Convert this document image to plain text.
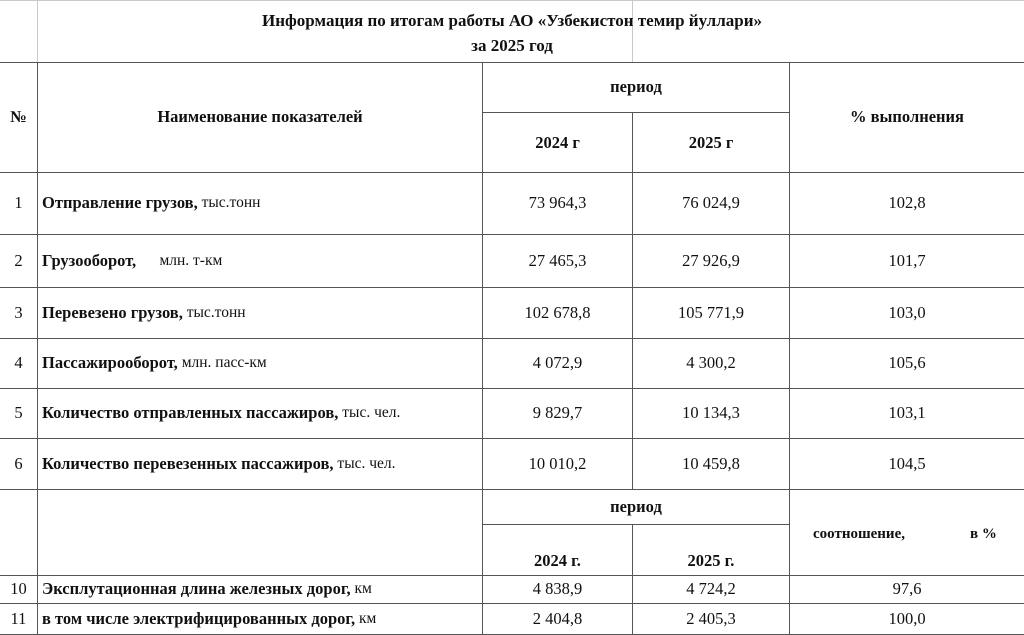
Информация по итогам работы АО «Узбекистон темир йуллари»
за 2025 год
№	Наименование показателей
период
2024 г	2025 г
% выполнения
1	Отправление грузов, тыс.тонн	73 964,3	76 024,9	102,8
2	Грузооборот, млн. т-км	27 465,3	27 926,9	101,7
3	Перевезено грузов, тыс.тонн	102 678,8	105 771,9	103,0
4	Пассажирооборот, млн. пасс-км	4 072,9	4 300,2	105,6
5	Количество отправленных пассажиров, тыс. чел.	9 829,7	10 134,3	103,1
6	Количество перевезенных пассажиров, тыс. чел.	10 010,2	10 459,8	104,5
период
2024 г.	2025 г.
соотношение,	в %
10 Эксплутационная длина железных дорог, км	4 838,9	4 724,2	97,6
11 в том числе электрифицированных дорог, км	2 404,8	2 405,3	100,0
